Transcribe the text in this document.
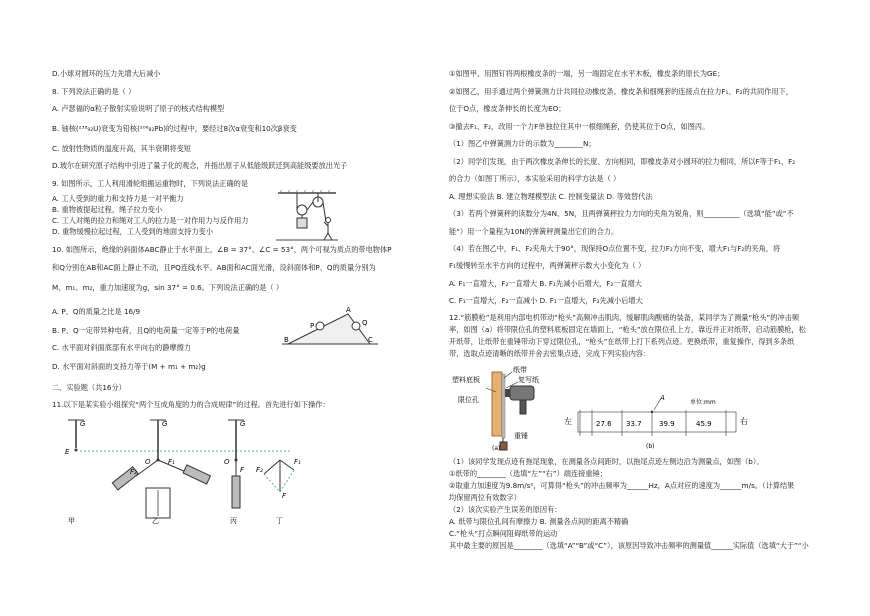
D.小球对圆环的压力先增大后减小
8. 下列说法正确的是（ ）
A. 卢瑟福的α粒子散射实验说明了原子的核式结构模型
B. 铀核(²³⁸₉₂U)衰变为铅核(²⁰⁶₈₂Pb)的过程中，要经过8次α衰变和10次β衰变
C. 放射性物质的温度升高，其半衰期将变短
D.玻尔在研究原子结构中引进了量子化的观念，并指出原子从低能级跃迁到高能级要放出光子
9. 如图所示，工人利用滑轮组搬运重物时，下列说法正确的是
A. 工人受到的重力和支持力是一对平衡力
B. 重物被提起过程，绳子拉力变小
C. 工人对绳的拉力和绳对工人的拉力是一对作用力与反作用力
D. 重物缓慢拉起过程，工人受到的地面支持力变小
10. 如图所示，绝缘的斜面体ABC静止于水平面上，∠B = 37°、∠C = 53°，两个可视为质点的带电物体P
和Q分别在AB和AC面上静止不动，且PQ连线水平。AB面和AC面光滑，设斜面体和P、Q的质量分别为
M、m₁、m₂，重力加速度为g，sin 37° = 0.6。下列说法正确的是（ ）
A. P、Q的质量之比是 16/9
B. P、Q一定带异种电荷，且Q的电荷量一定等于P的电荷量
C. 水平面对斜面底部有水平向右的静摩擦力
D. 水平面对斜面的支持力等于(M + m₁ + m₂)g
二、实验题（共16分）
11.以下是某实验小组探究“两个互成角度的力的合成规律”的过程。首先进行如下操作：
P	Q
A
B	C
G
E
甲
G
O
F₂
F₁
乙
G
O
F
丙
F₂
F₁
F
丁
①如图甲，用图钉将两根橡皮条的一端，另一端固定在水平木板，橡皮条的原长为GE；
②如图乙，用手通过两个弹簧测力计共同拉动橡皮条。橡皮条和细绳套的连接点在拉力F₁、F₂的共同作用下，
位于O点，橡皮条伸长的长度为EO；
③撤去F₁、F₂，改用一个力F单独拉住其中一根细绳套，仍使其位于O点，如图丙。
（1）图乙中弹簧测力计的示数为________N；
（2）同学们发现，由于两次橡皮条伸长的长度、方向相同，即橡皮条对小圆环的拉力相同，所以F等于F₁、F₂
的合力（如图丁所示），本实验采用的科学方法是（ ）
A. 理想实验法 B. 建立物理模型法 C. 控制变量法 D. 等效替代法
（3）若两个弹簧秤的读数分为4N、5N，且两弹簧秤拉力方向的夹角为锐角，则__________（选填“能”或“不
能”）用一个量程为10N的弹簧秤测量出它们的合力。
（4）若在图乙中，F₁、F₂夹角大于90°，现保持O点位置不变，拉力F₂方向不变，增大F₁与F₂的夹角，将
F₁缓慢转至水平方向的过程中，两弹簧秤示数大小变化为（ ）
A. F₁一直增大，F₂一直增大 B. F₁先减小后增大，F₂一直增大
C. F₁一直增大，F₂一直减小 D. F₁一直增大，F₂先减小后增大
12.“筋膜枪”是利用内部电机带动“枪头”高频冲击肌肉，缓解肌肉酸痛的装备，某同学为了测量“枪头”的冲击频
率，如图（a）将带限位孔的塑料底板固定在墙面上，“枪头”放在限位孔上方，靠近并正对纸带，启动筋膜枪，松
开纸带，让纸带在重锤带动下穿过限位孔，“枪头”在纸带上打下系列点迹。更换纸带，重复操作，得到多条纸
带，选取点迹清晰的纸带并舍去密集点迹，完成下列实验内容：
（1）该同学发现点迹有拖尾现象，在测量各点间距时，以拖尾点迹左侧边沿为测量点，如图（b）。
①纸带的________（选填“左”“右”）端连接重锤；
②取重力加速度为9.8m/s²，可算得“枪头”的冲击频率为______Hz，A点对应的速度为______m/s。（计算结果
均保留两位有效数字）
（2）该次实验产生误差的原因有：
A. 纸带与限位孔间有摩擦力 B. 测量各点间的距离不精确
C.“枪头”打点瞬间阻碍纸带的运动
其中最主要的原因是________（选填“A”“B”或“C”），该原因导致冲击频率的测量值______实际值（选填“大于”“小
纸带
塑料底板	复写纸
限位孔
重锤
(a)
左
A
单位:mm
右
27.6 33.7 39.9	45.9
(b)
